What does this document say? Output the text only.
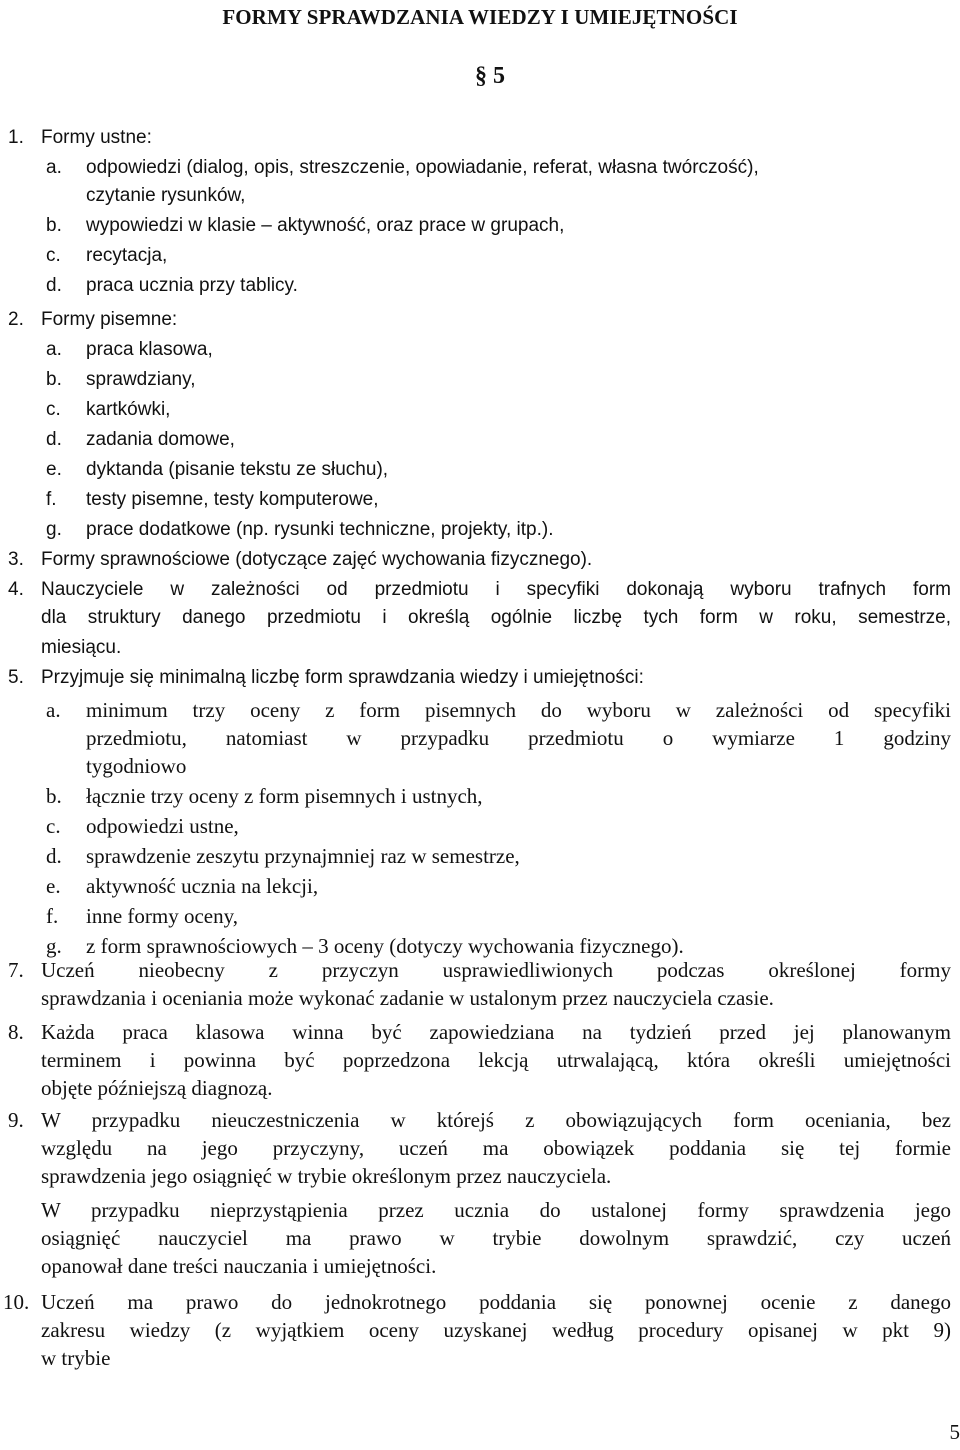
FORMY SPRAWDZANIA WIEDZY I UMIEJĘTNOŚCI
§ 5
1. Formy ustne:
a. odpowiedzi (dialog, opis, streszczenie, opowiadanie, referat, własna twórczość),
czytanie rysunków,
b. wypowiedzi w klasie – aktywność, oraz prace w grupach,
c. recytacja,
d. praca ucznia przy tablicy.
2. Formy pisemne:
a. praca klasowa,
b. sprawdziany,
c. kartkówki,
d. zadania domowe,
e. dyktanda (pisanie tekstu ze słuchu),
f. testy pisemne, testy komputerowe,
g. prace dodatkowe (np. rysunki techniczne, projekty, itp.).
3. Formy sprawnościowe (dotyczące zajęć wychowania fizycznego).
4. Nauczyciele w zależności od przedmiotu i specyfiki dokonają wyboru trafnych form
dla struktury danego przedmiotu i określą ogólnie liczbę tych form w roku, semestrze,
miesiącu.
5. Przyjmuje się minimalną liczbę form sprawdzania wiedzy i umiejętności:
a. minimum trzy oceny z form pisemnych do wyboru w zależności od specyfiki
przedmiotu, natomiast w przypadku przedmiotu o wymiarze 1 godziny
tygodniowo
b. łącznie trzy oceny z form pisemnych i ustnych,
c. odpowiedzi ustne,
d. sprawdzenie zeszytu przynajmniej raz w semestrze,
e. aktywność ucznia na lekcji,
f. inne formy oceny,
g. z form sprawnościowych – 3 oceny (dotyczy wychowania fizycznego).
7. Uczeń nieobecny z przyczyn usprawiedliwionych podczas określonej formy
sprawdzania i oceniania może wykonać zadanie w ustalonym przez nauczyciela czasie.
8. Każda praca klasowa winna być zapowiedziana na tydzień przed jej planowanym
terminem i powinna być poprzedzona lekcją utrwalającą, która określi umiejętności
objęte późniejszą diagnozą.
9. W przypadku nieuczestniczenia w którejś z obowiązujących form oceniania, bez
względu na jego przyczyny, uczeń ma obowiązek poddania się tej formie
sprawdzenia jego osiągnięć w trybie określonym przez nauczyciela.
W przypadku nieprzystąpienia przez ucznia do ustalonej formy sprawdzenia jego
osiągnięć nauczyciel ma prawo w trybie dowolnym sprawdzić, czy uczeń
opanował dane treści nauczania i umiejętności.
10. Uczeń ma prawo do jednokrotnego poddania się ponownej ocenie z danego
zakresu wiedzy (z wyjątkiem oceny uzyskanej według procedury opisanej w pkt 9)
w trybie
5
